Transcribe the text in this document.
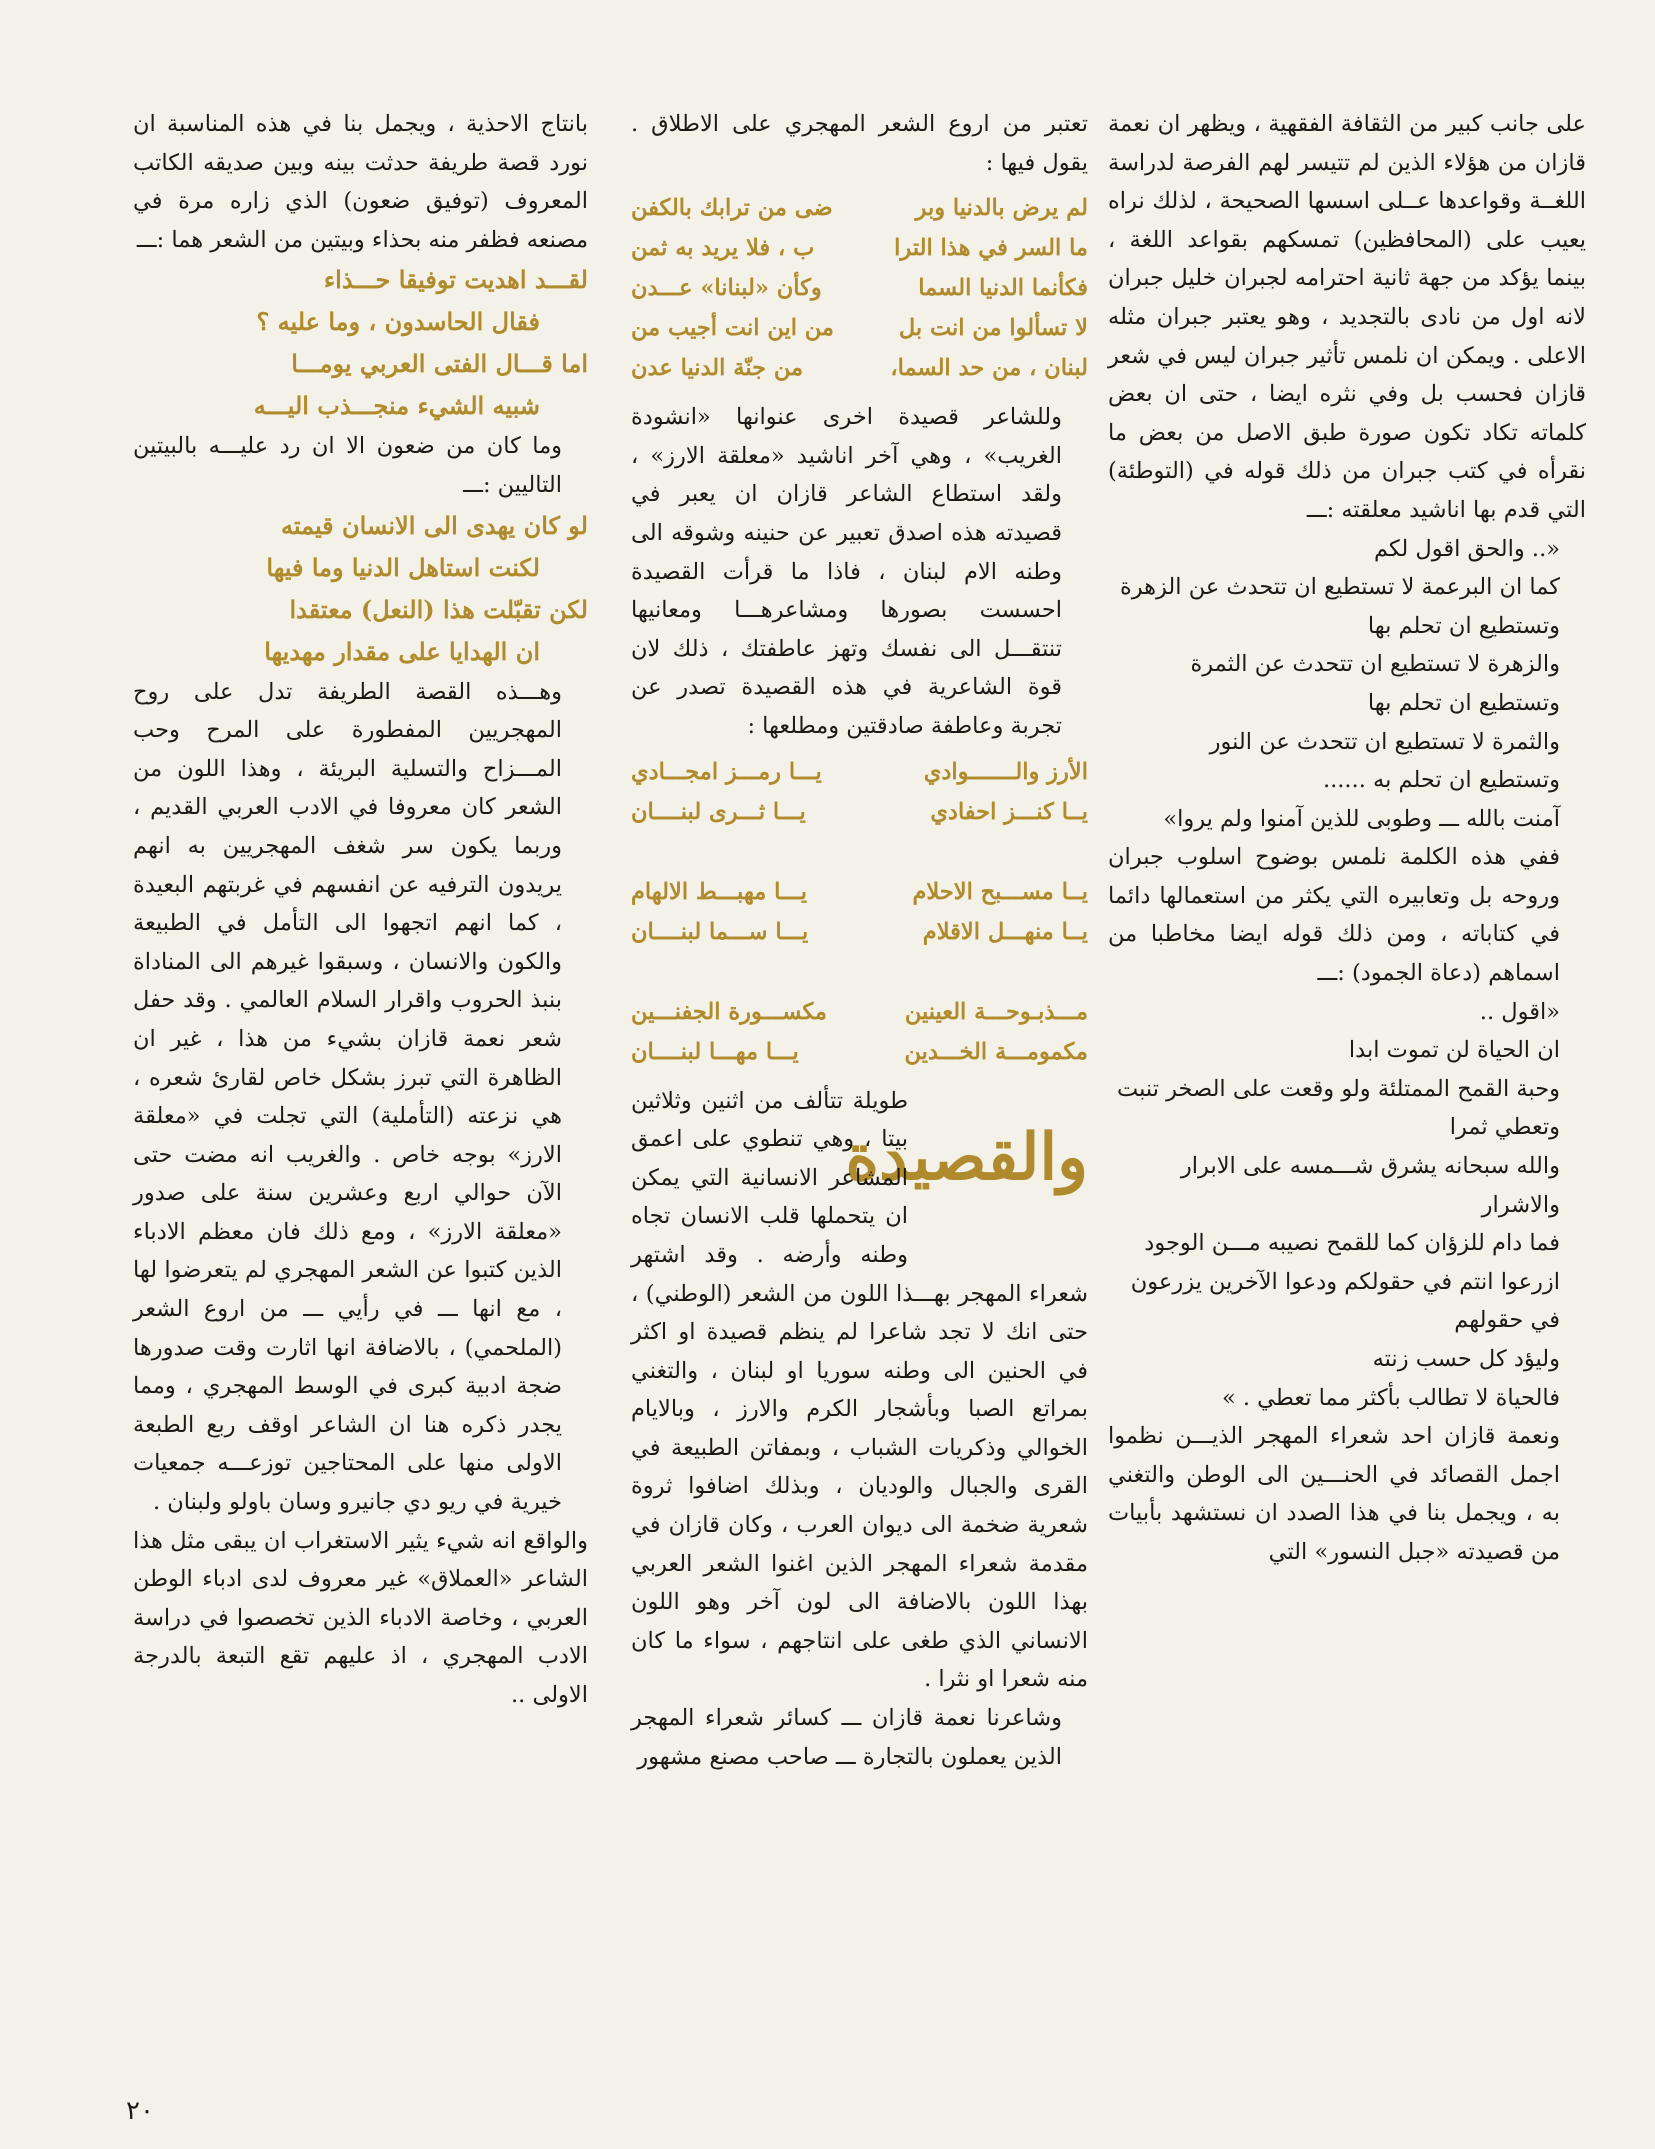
على جانب كبير من الثقافة الفقهية ، ويظهر ان نعمة قازان من هؤلاء الذين لم تتيسر لهم الفرصة لدراسة اللغــة وقواعدها عــلى اسسها الصحيحة ، لذلك نراه يعيب على (المحافظين) تمسكهم بقواعد اللغة ، بينما يؤكد من جهة ثانية احترامه لجبران خليل جبران لانه اول من نادى بالتجديد ، وهو يعتبر جبران مثله الاعلى . ويمكن ان نلمس تأثير جبران ليس في شعر قازان فحسب بل وفي نثره ايضا ، حتى ان بعض كلماته تكاد تكون صورة طبق الاصل من بعض ما نقرأه في كتب جبران من ذلك قوله في (التوطئة) التي قدم بها اناشيد معلقته :ـــ

«.. والحق اقول لكم

كما ان البرعمة لا تستطيع ان تتحدث عن الزهرة

وتستطيع ان تحلم بها

والزهرة لا تستطيع ان تتحدث عن الثمرة

وتستطيع ان تحلم بها

والثمرة لا تستطيع ان تتحدث عن النور

وتستطيع ان تحلم به ......

آمنت بالله ـــ وطوبى للذين آمنوا ولم يروا»

ففي هذه الكلمة نلمس بوضوح اسلوب جبران وروحه بل وتعابيره التي يكثر من استعمالها دائما في كتاباته ، ومن ذلك قوله ايضا مخاطبا من اسماهم (دعاة الجمود) :ـــ

«اقول ..

ان الحياة لن تموت ابدا

وحبة القمح الممتلئة ولو وقعت على الصخر تنبت وتعطي ثمرا

والله سبحانه يشرق شـــمسه على الابرار والاشرار

فما دام للزؤان كما للقمح نصيبه مـــن الوجود

ازرعوا انتم في حقولكم ودعوا الآخرين يزرعون في حقولهم

وليؤد كل حسب زنته

فالحياة لا تطالب بأكثر مما تعطي . »

ونعمة قازان احد شعراء المهجر الذيـــن نظموا اجمل القصائد في الحنـــين الى الوطن والتغني به ، ويجمل بنا في هذا الصدد ان نستشهد بأبيات من قصيدته «جبل النسور» التي

تعتبر من اروع الشعر المهجري على الاطلاق . يقول فيها :

لم يرض بالدنيا وبر
ضى من ترابك بالكفن
ما السر في هذا الترا
ب ، فلا يريد به ثمن
فكأنما الدنيا السما
وكأن «لبنانا» عـــدن
لا تسألوا من انت بل
من اين انت أجيب من
لبنان ، من حد السما،
من جنّة الدنيا عدن

وللشاعر قصيدة اخرى عنوانها «انشودة الغريب» ، وهي آخر اناشيد «معلقة الارز» ، ولقد استطاع الشاعر قازان ان يعبر في قصيدته هذه اصدق تعبير عن حنينه وشوقه الى وطنه الام لبنان ، فاذا ما قرأت القصيدة احسست بصورها ومشاعرهـــا ومعانيها تنتقـــل الى نفسك وتهز عاطفتك ، ذلك لان قوة الشاعرية في هذه القصيدة تصدر عن تجربة وعاطفة صادقتين ومطلعها :

الأرز والـــــــوادي
يـــا رمـــز امجـــادي
يــا كنـــز احفادي
يـــا ثـــرى لبنــــان
يــا مســـبح الاحلام
يـــا مهبـــط الالهام
يــا منهـــل الاقلام
يـــا ســـما لبنــــان
مـــذبـوحـــة العينين
مكســـورة الجفنـــين
مكمومـــة الخـــدين
يـــا مهـــا لبنــــان
والقصيدة

طويلة تتألف من اثنين وثلاثين بيتا ، وهي تنطوي على اعمق المشاعر الانسانية التي يمكن ان يتحملها قلب الانسان تجاه وطنه وأرضه . وقد اشتهر شعراء المهجر بهـــذا اللون من الشعر (الوطني) ، حتى انك لا تجد شاعرا لم ينظم قصيدة او اكثر في الحنين الى وطنه سوريا او لبنان ، والتغني بمراتع الصبا وبأشجار الكرم والارز ، وبالايام الخوالي وذكريات الشباب ، وبمفاتن الطبيعة في القرى والجبال والوديان ، وبذلك اضافوا ثروة شعرية ضخمة الى ديوان العرب ، وكان قازان في مقدمة شعراء المهجر الذين اغنوا الشعر العربي بهذا اللون بالاضافة الى لون آخر وهو اللون الانساني الذي طغى على انتاجهم ، سواء ما كان منه شعرا او نثرا .

وشاعرنا نعمة قازان ـــ كسائر شعراء المهجر الذين يعملون بالتجارة ـــ صاحب مصنع مشهور

بانتاج الاحذية ، ويجمل بنا في هذه المناسبة ان نورد قصة طريفة حدثت بينه وبين صديقه الكاتب المعروف (توفيق ضعون) الذي زاره مرة في مصنعه فظفر منه بحذاء وبيتين من الشعر هما :ـــ

لقـــد اهديت توفيقا حـــذاء
فقال الحاسدون ، وما عليه ؟
اما قـــال الفتى العربي يومـــا
شبيه الشيء منجـــذب اليـــه

وما كان من ضعون الا ان رد عليـــه بالبيتين التاليين :ـــ

لو كان يهدى الى الانسان قيمته
لكنت استاهل الدنيا وما فيها
لكن تقبّلت هذا (النعل) معتقدا
ان الهدايا على مقدار مهديها

وهـــذه القصة الطريفة تدل على روح المهجريين المفطورة على المرح وحب المـــزاح والتسلية البريئة ، وهذا اللون من الشعر كان معروفا في الادب العربي القديم ، وربما يكون سر شغف المهجريين به انهم يريدون الترفيه عن انفسهم في غربتهم البعيدة ، كما انهم اتجهوا الى التأمل في الطبيعة والكون والانسان ، وسبقوا غيرهم الى المناداة بنبذ الحروب واقرار السلام العالمي . وقد حفل شعر نعمة قازان بشيء من هذا ، غير ان الظاهرة التي تبرز بشكل خاص لقارئ شعره ، هي نزعته (التأملية) التي تجلت في «معلقة الارز» بوجه خاص . والغريب انه مضت حتى الآن حوالي اربع وعشرين سنة على صدور «معلقة الارز» ، ومع ذلك فان معظم الادباء الذين كتبوا عن الشعر المهجري لم يتعرضوا لها ، مع انها ـــ في رأيي ـــ من اروع الشعر (الملحمي) ، بالاضافة انها اثارت وقت صدورها ضجة ادبية كبرى في الوسط المهجري ، ومما يجدر ذكره هنا ان الشاعر اوقف ربع الطبعة الاولى منها على المحتاجين توزعـــه جمعيات خيرية في ريو دي جانيرو وسان باولو ولبنان .

والواقع انه شيء يثير الاستغراب ان يبقى مثل هذا الشاعر «العملاق» غير معروف لدى ادباء الوطن العربي ، وخاصة الادباء الذين تخصصوا في دراسة الادب المهجري ، اذ عليهم تقع التبعة بالدرجة الاولى ..

٢٠
